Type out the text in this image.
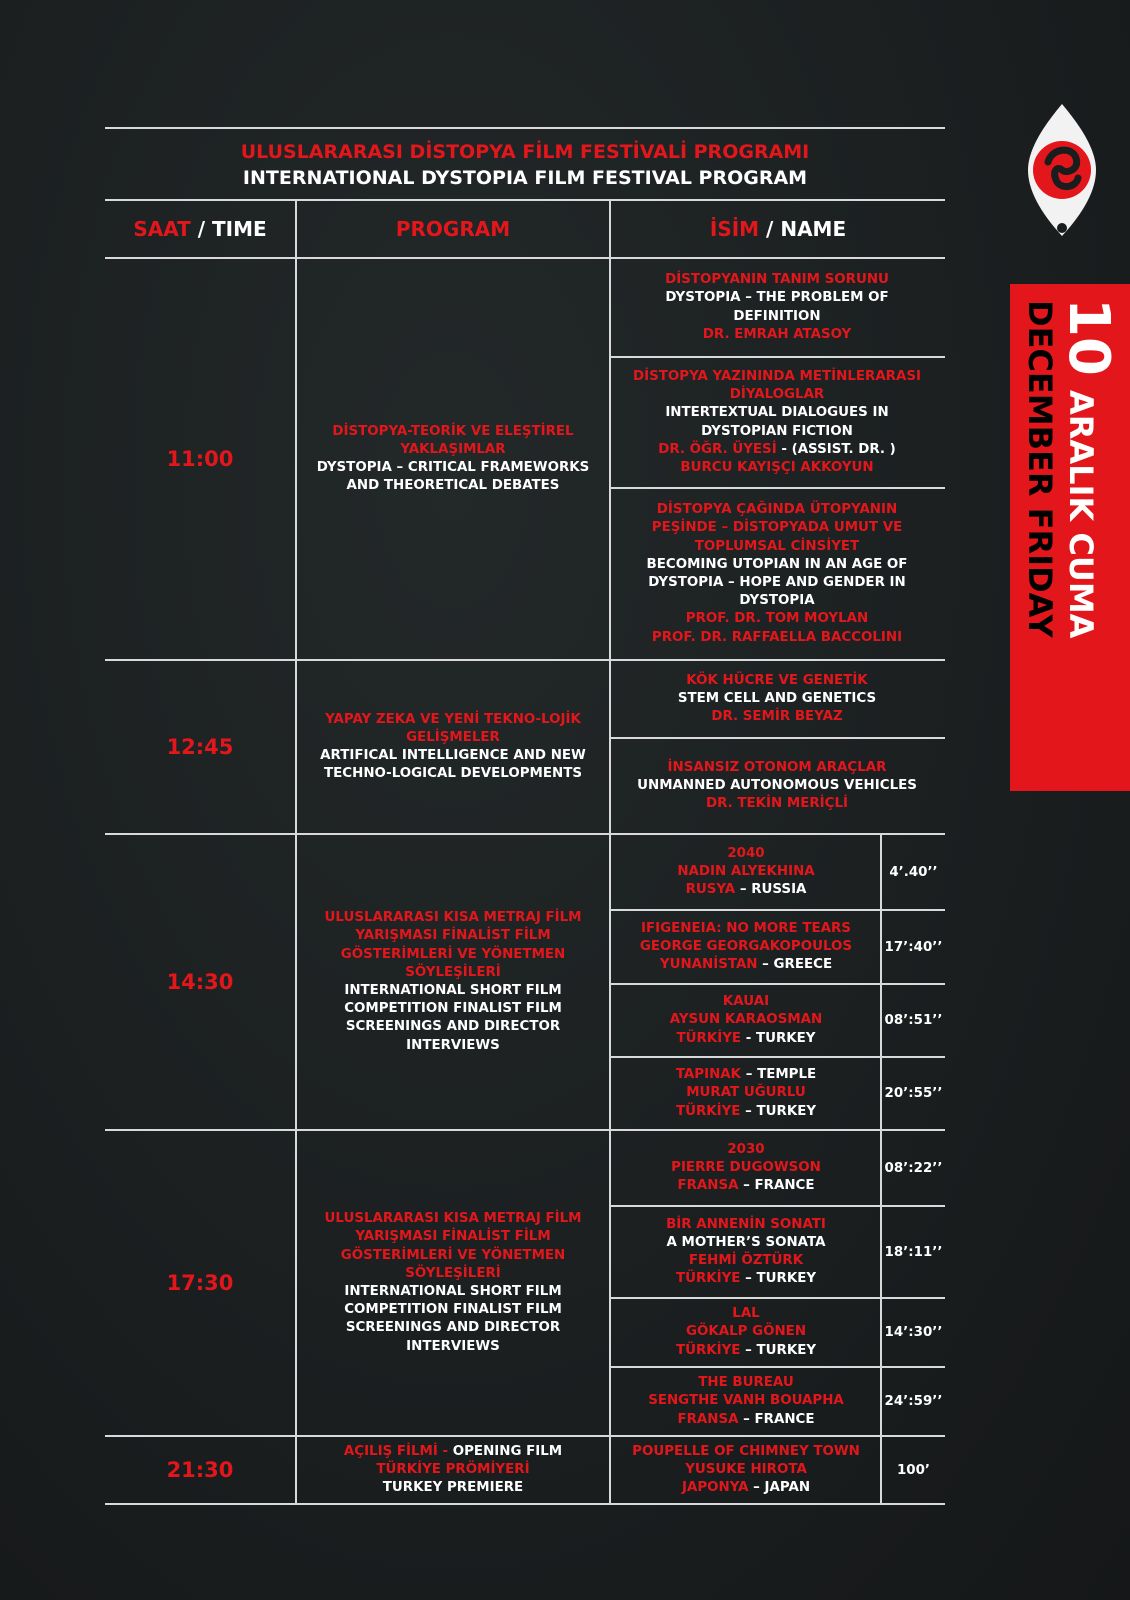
10
ARALIK CUMA
DECEMBER FRIDAY
ULUSLARARASI DİSTOPYA FİLM FESTİVALİ PROGRAMI
INTERNATIONAL DYSTOPIA FILM FESTIVAL PROGRAM
SAAT / TIME	PROGRAM	İSİM / NAME
11:00
DİSTOPYA-TEORİK VE ELEŞTİREL YAKLAŞIMLAR
DYSTOPIA – CRITICAL FRAMEWORKS AND THEORETICAL DEBATES
DİSTOPYANIN TANIM SORUNU
DYSTOPIA – THE PROBLEM OF DEFINITION
DR. EMRAH ATASOY
DİSTOPYA YAZININDA METİNLERARASI DİYALOGLAR
INTERTEXTUAL DIALOGUES IN DYSTOPIAN FICTION
DR. ÖĞR. ÜYESİ - (ASSIST. DR. )
BURCU KAYIŞÇI AKKOYUN
DİSTOPYA ÇAĞINDA ÜTOPYANIN PEŞİNDE – DİSTOPYADA UMUT VE TOPLUMSAL CİNSİYET
BECOMING UTOPIAN IN AN AGE OF DYSTOPIA – HOPE AND GENDER IN DYSTOPIA
PROF. DR. TOM MOYLAN
PROF. DR. RAFFAELLA BACCOLINI
12:45
YAPAY ZEKA VE YENİ TEKNO-LOJİK GELİŞMELER
ARTIFICAL INTELLIGENCE AND NEW TECHNO-LOGICAL DEVELOPMENTS
KÖK HÜCRE VE GENETİK
STEM CELL AND GENETICS
DR. SEMİR BEYAZ
İNSANSIZ OTONOM ARAÇLAR
UNMANNED AUTONOMOUS VEHICLES
DR. TEKİN MERİÇLİ
14:30
ULUSLARARASI KISA METRAJ FİLM YARIŞMASI FİNALİST FİLM GÖSTERİMLERİ VE YÖNETMEN SÖYLEŞİLERİ
INTERNATIONAL SHORT FILM COMPETITION FINALIST FILM SCREENINGS AND DIRECTOR INTERVIEWS
2040
NADIN ALYEKHINA
RUSYA – RUSSIA
4’.40’’
IFIGENEIA: NO MORE TEARS
GEORGE GEORGAKOPOULOS
YUNANİSTAN – GREECE
17’:40’’
KAUAI
AYSUN KARAOSMAN
TÜRKİYE - TURKEY
08’:51’’
TAPINAK – TEMPLE
MURAT UĞURLU
TÜRKİYE – TURKEY
20’:55’’
17:30
ULUSLARARASI KISA METRAJ FİLM YARIŞMASI FİNALİST FİLM GÖSTERİMLERİ VE YÖNETMEN SÖYLEŞİLERİ
INTERNATIONAL SHORT FILM COMPETITION FINALIST FILM SCREENINGS AND DIRECTOR INTERVIEWS
2030
PIERRE DUGOWSON
FRANSA – FRANCE
08’:22’’
BİR ANNENİN SONATI
A MOTHER’S SONATA
FEHMİ ÖZTÜRK
TÜRKİYE – TURKEY
18’:11’’
LAL
GÖKALP GÖNEN
TÜRKİYE – TURKEY
14’:30’’
THE BUREAU
SENGTHE VANH BOUAPHA
FRANSA – FRANCE
24’:59’’
21:30
AÇILIŞ FİLMİ - OPENING FILM
TÜRKİYE PRÖMİYERİ
TURKEY PREMIERE
POUPELLE OF CHIMNEY TOWN
YUSUKE HIROTA
JAPONYA – JAPAN
100’
